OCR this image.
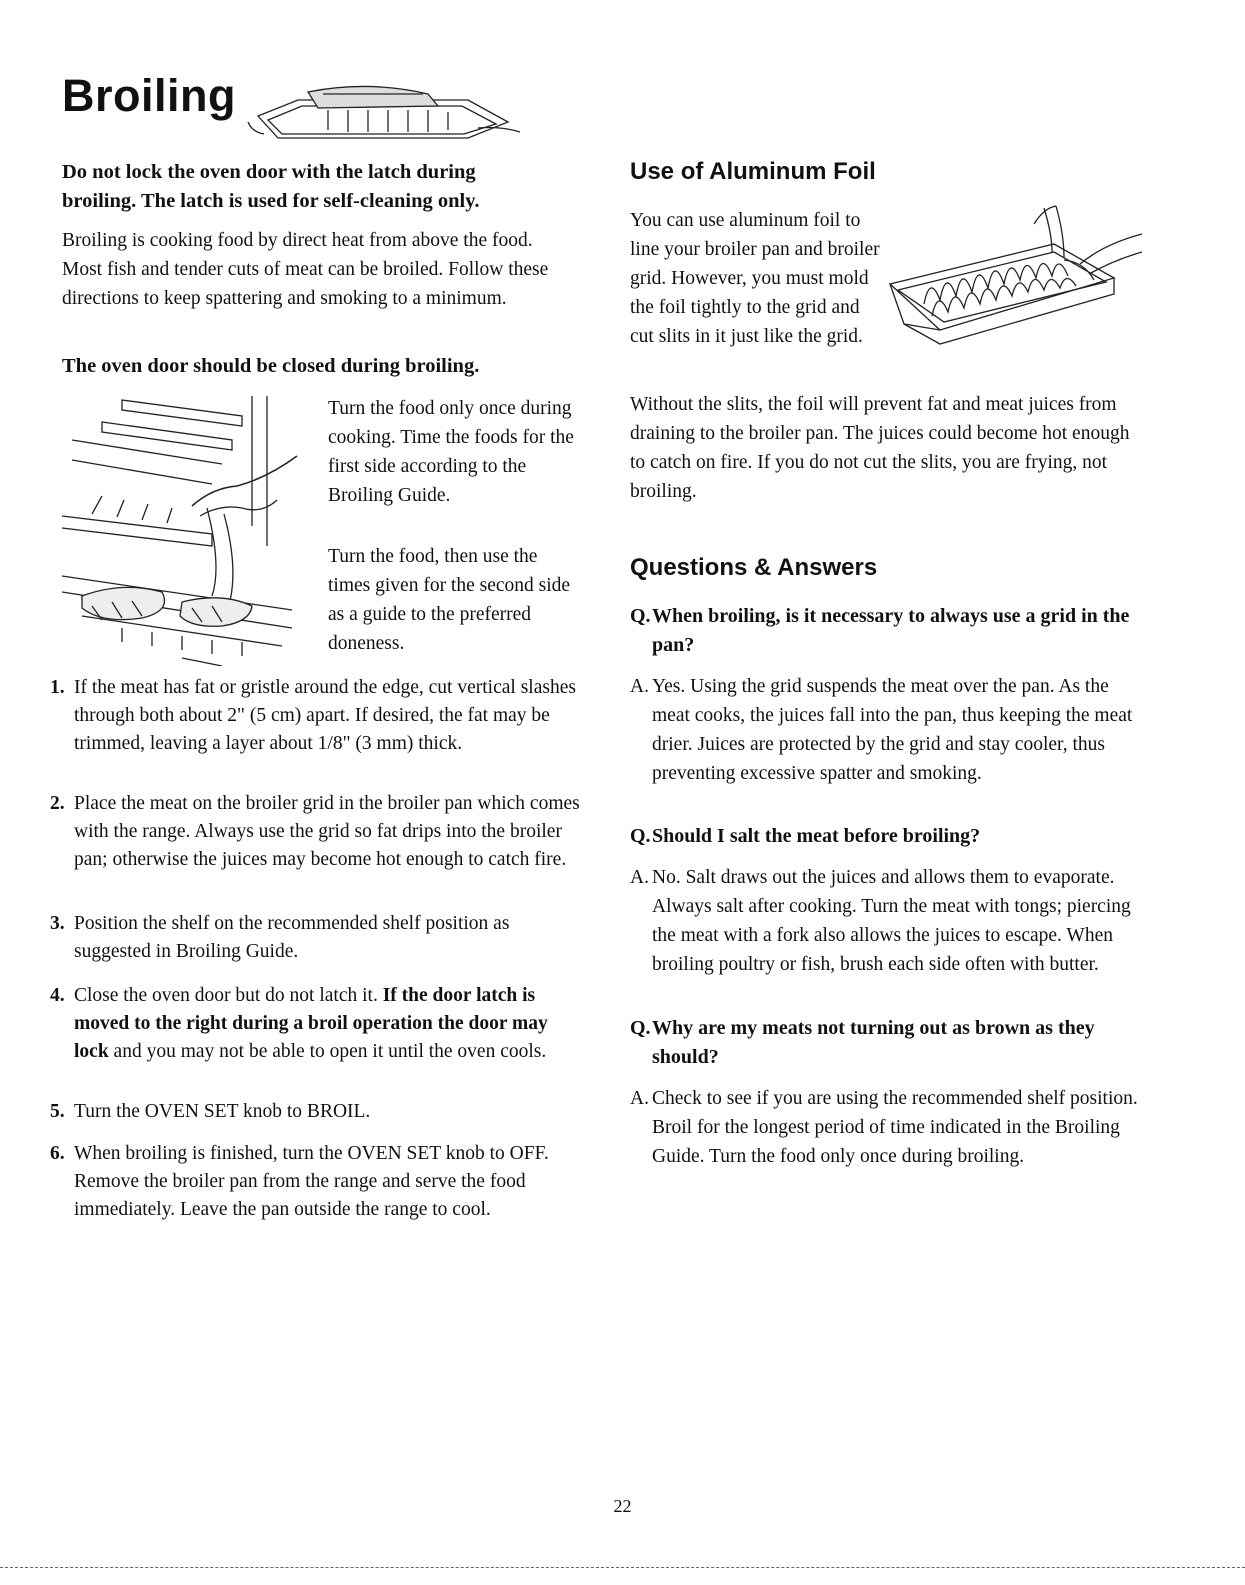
Broiling

Do not lock the oven door with the latch during broiling. The latch is used for self-cleaning only.

Broiling is cooking food by direct heat from above the food. Most fish and tender cuts of meat can be broiled. Follow these directions to keep spattering and smoking to a minimum.

The oven door should be closed during broiling.

Turn the food only once during cooking. Time the foods for the first side according to the Broiling Guide.

Turn the food, then use the times given for the second side as a guide to the preferred doneness.

1. If the meat has fat or gristle around the edge, cut vertical slashes through both about 2" (5 cm) apart. If desired, the fat may be trimmed, leaving a layer about 1/8" (3 mm) thick.
2. Place the meat on the broiler grid in the broiler pan which comes with the range. Always use the grid so fat drips into the broiler pan; otherwise the juices may become hot enough to catch fire.
3. Position the shelf on the recommended shelf position as suggested in Broiling Guide.
4. Close the oven door but do not latch it. If the door latch is moved to the right during a broil operation the door may lock and you may not be able to open it until the oven cools.
5. Turn the OVEN SET knob to BROIL.
6. When broiling is finished, turn the OVEN SET knob to OFF. Remove the broiler pan from the range and serve the food immediately. Leave the pan outside the range to cool.
Use of Aluminum Foil

You can use aluminum foil to line your broiler pan and broiler grid. However, you must mold the foil tightly to the grid and cut slits in it just like the grid.

Without the slits, the foil will prevent fat and meat juices from draining to the broiler pan. The juices could become hot enough to catch on fire. If you do not cut the slits, you are frying, not broiling.

Questions & Answers

Q. When broiling, is it necessary to always use a grid in the pan?

A. Yes. Using the grid suspends the meat over the pan. As the meat cooks, the juices fall into the pan, thus keeping the meat drier. Juices are protected by the grid and stay cooler, thus preventing excessive spatter and smoking.

Q. Should I salt the meat before broiling?

A. No. Salt draws out the juices and allows them to evaporate. Always salt after cooking. Turn the meat with tongs; piercing the meat with a fork also allows the juices to escape. When broiling poultry or fish, brush each side often with butter.

Q. Why are my meats not turning out as brown as they should?

A. Check to see if you are using the recommended shelf position. Broil for the longest period of time indicated in the Broiling Guide. Turn the food only once during broiling.

22
